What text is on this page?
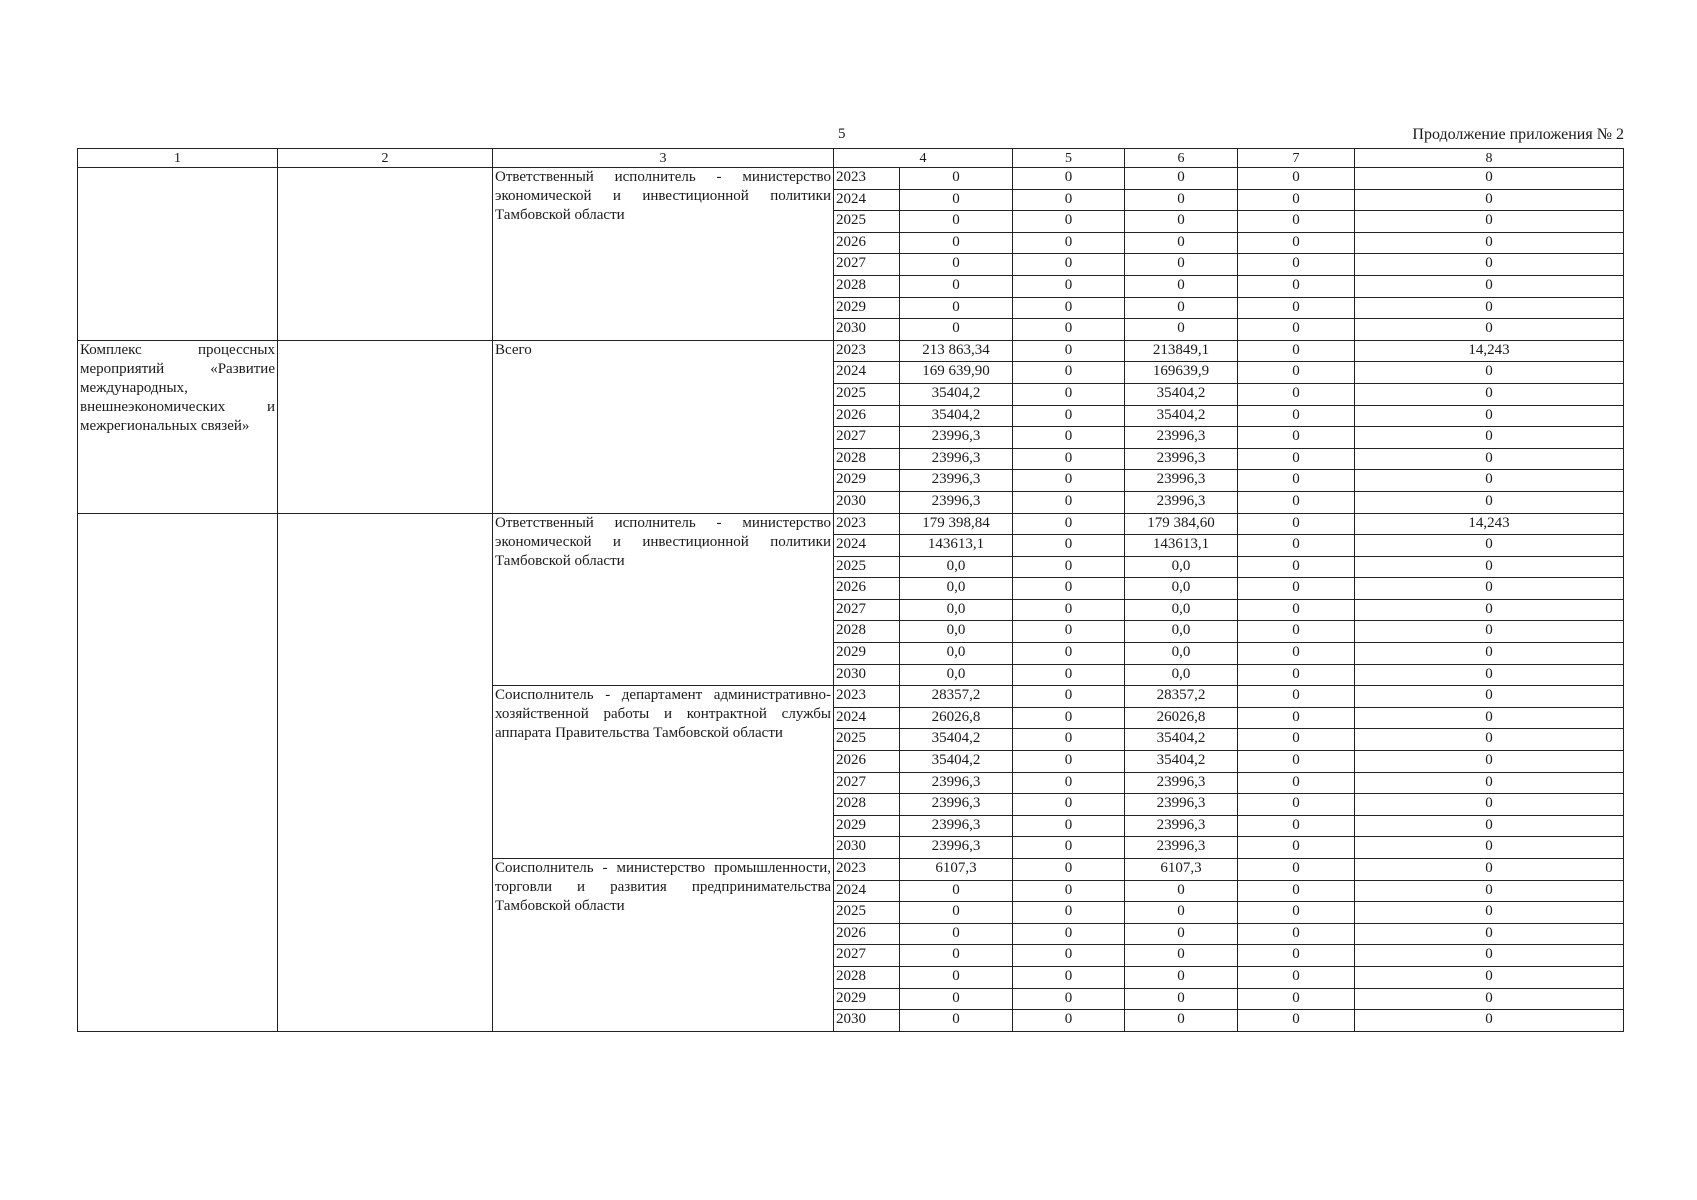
5	Продолжение приложения № 2
1	2	3	4		5	6	7	8
		Ответственный исполнитель - министерство экономической и инвестиционной политики Тамбовской области	2023	0	0	0	0	0
			2024	0	0	0	0	0
			2025	0	0	0	0	0
			2026	0	0	0	0	0
			2027	0	0	0	0	0
			2028	0	0	0	0	0
			2029	0	0	0	0	0
			2030	0	0	0	0	0
Комплекс процессных мероприятий «Развитие международных, внешнеэкономических и межрегиональных связей»		Всего	2023	213 863,34	0	213849,1	0	14,243
			2024	169 639,90	0	169639,9	0	0
			2025	35404,2	0	35404,2	0	0
			2026	35404,2	0	35404,2	0	0
			2027	23996,3	0	23996,3	0	0
			2028	23996,3	0	23996,3	0	0
			2029	23996,3	0	23996,3	0	0
			2030	23996,3	0	23996,3	0	0
		Ответственный исполнитель - министерство экономической и инвестиционной политики Тамбовской области	2023	179 398,84	0	179 384,60	0	14,243
			2024	143613,1	0	143613,1	0	0
			2025	0,0	0	0,0	0	0
			2026	0,0	0	0,0	0	0
			2027	0,0	0	0,0	0	0
			2028	0,0	0	0,0	0	0
			2029	0,0	0	0,0	0	0
			2030	0,0	0	0,0	0	0
		Соисполнитель - департамент административно-хозяйственной работы и контрактной службы аппарата Правительства Тамбовской области	2023	28357,2	0	28357,2	0	0
			2024	26026,8	0	26026,8	0	0
			2025	35404,2	0	35404,2	0	0
			2026	35404,2	0	35404,2	0	0
			2027	23996,3	0	23996,3	0	0
			2028	23996,3	0	23996,3	0	0
			2029	23996,3	0	23996,3	0	0
			2030	23996,3	0	23996,3	0	0
		Соисполнитель - министерство промышленности, торговли и развития предпринимательства Тамбовской области	2023	6107,3	0	6107,3	0	0
			2024	0	0	0	0	0
			2025	0	0	0	0	0
			2026	0	0	0	0	0
			2027	0	0	0	0	0
			2028	0	0	0	0	0
			2029	0	0	0	0	0
			2030	0	0	0	0	0
